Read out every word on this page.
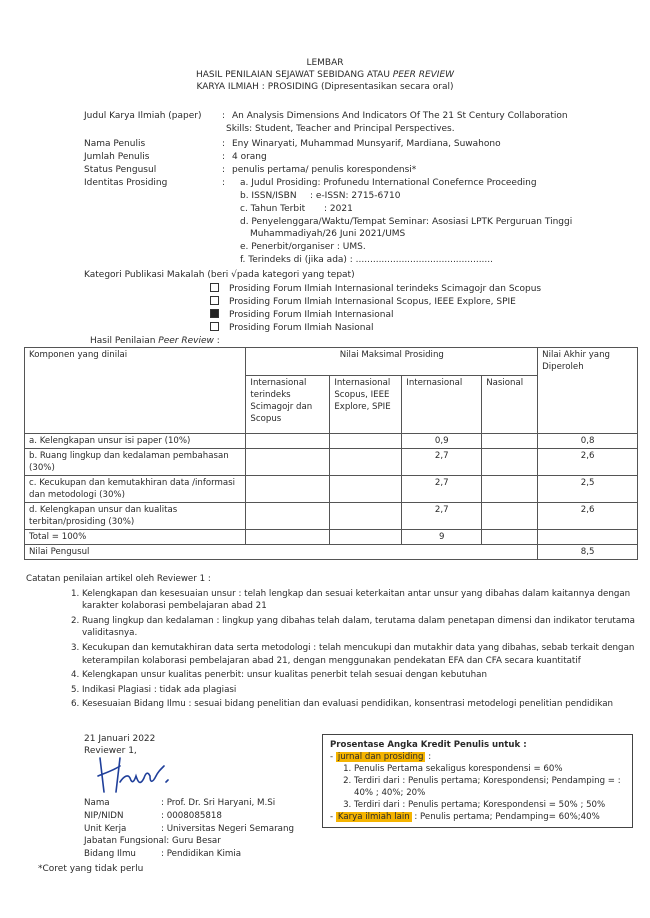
LEMBAR
HASIL PENILAIAN SEJAWAT SEBIDANG ATAU PEER REVIEW
KARYA ILMIAH : PROSIDING (Dipresentasikan secara oral)
Judul Karya Ilmiah (paper) : An Analysis Dimensions And Indicators Of The 21 St Century Collaboration
Skills: Student, Teacher and Principal Perspectives.
Nama Penulis	: Eny Winaryati, Muhammad Munsyarif, Mardiana, Suwahono
Jumlah Penulis	: 4 orang
Status Pengusul	: penulis pertama/ penulis korespondensi*
Identitas Prosiding	: a. Judul Prosiding: Profunedu International Conefernce Proceeding
b. ISSN/ISBN : e-ISSN: 2715-6710
c. Tahun Terbit : 2021
d. Penyelenggara/Waktu/Tempat Seminar: Asosiasi LPTK Perguruan Tinggi
Muhammadiyah/26 Juni 2021/UMS
e. Penerbit/organiser : UMS.
f. Terindeks di (jika ada) : ................................................
Kategori Publikasi Makalah (beri √pada kategori yang tepat)
Prosiding Forum Ilmiah Internasional terindeks Scimagojr dan Scopus
Prosiding Forum Ilmiah Internasional Scopus, IEEE Explore, SPIE
Prosiding Forum Ilmiah Internasional
Prosiding Forum Ilmiah Nasional
Hasil Penilaian Peer Review :
Komponen yang dinilai	Nilai Maksimal Prosiding				Nilai Akhir yang Diperoleh
	Internasional terindeks Scimagojr dan Scopus	Internasional Scopus, IEEE Explore, SPIE	Internasional	Nasional	
a. Kelengkapan unsur isi paper (10%)			0,9		0,8
b. Ruang lingkup dan kedalaman pembahasan (30%)			2,7		2,6
c. Kecukupan dan kemutakhiran data /informasi dan metodologi (30%)			2,7		2,5
d. Kelengkapan unsur dan kualitas terbitan/prosiding (30%)			2,7		2,6
Total = 100%			9		
Nilai Pengusul					8,5
Catatan penilaian artikel oleh Reviewer 1 :
1. Kelengkapan dan kesesuaian unsur : telah lengkap dan sesuai keterkaitan antar unsur yang dibahas dalam kaitannya dengan karakter kolaborasi pembelajaran abad 21
2. Ruang lingkup dan kedalaman : lingkup yang dibahas telah dalam, terutama dalam penetapan dimensi dan indikator terutama validitasnya.
3. Kecukupan dan kemutakhiran data serta metodologi : telah mencukupi dan mutakhir data yang dibahas, sebab terkait dengan keterampilan kolaborasi pembelajaran abad 21, dengan menggunakan pendekatan EFA dan CFA secara kuantitatif
4. Kelengkapan unsur kualitas penerbit: unsur kualitas penerbit telah sesuai dengan kebutuhan
5. Indikasi Plagiasi : tidak ada plagiasi
6. Kesesuaian Bidang Ilmu : sesuai bidang penelitian dan evaluasi pendidikan, konsentrasi metodelogi penelitian pendidikan
21 Januari 2022
Reviewer 1,
Nama	: Prof. Dr. Sri Haryani, M.Si
NIP/NIDN	: 0008085818
Unit Kerja	: Universitas Negeri Semarang
Jabatan Fungsional: Guru Besar	
Bidang Ilmu	: Pendidikan Kimia
*Coret yang tidak perlu
Prosentase Angka Kredit Penulis untuk :
- jurnal dan prosiding :
1. Penulis Pertama sekaligus korespondensi = 60%
2. Terdiri dari : Penulis pertama; Korespondensi; Pendamping = : 40% ; 40%; 20%
3. Terdiri dari : Penulis pertama; Korespondensi = 50% ; 50%
- Karya ilmiah lain : Penulis pertama; Pendamping= 60%;40%
